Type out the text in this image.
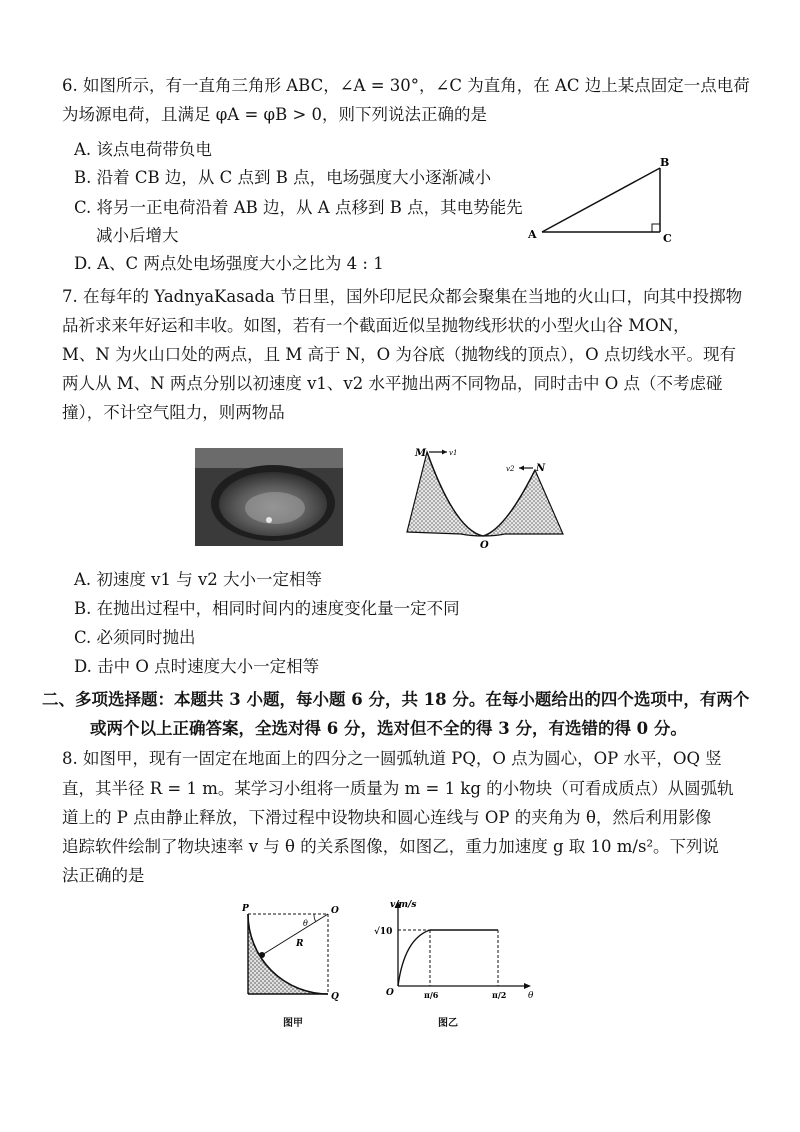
6. 如图所示，有一直角三角形 ABC，∠A = 30°，∠C 为直角，在 AC 边上某点固定一点电荷
为场源电荷，且满足 φA = φB > 0，则下列说法正确的是
A. 该点电荷带负电
B. 沿着 CB 边，从 C 点到 B 点，电场强度大小逐渐减小
C. 将另一正电荷沿着 AB 边，从 A 点移到 B 点，其电势能先
减小后增大
D. A、C 两点处电场强度大小之比为 4 : 1
A
B
C
7. 在每年的 YadnyaKasada 节日里，国外印尼民众都会聚集在当地的火山口，向其中投掷物
品祈求来年好运和丰收。如图，若有一个截面近似呈抛物线形状的小型火山谷 MON，
M、N 为火山口处的两点，且 M 高于 N，O 为谷底（抛物线的顶点），O 点切线水平。现有
两人从 M、N 两点分别以初速度 v1、v2 水平抛出两不同物品，同时击中 O 点（不考虑碰
撞），不计空气阻力，则两物品
M	v1
N
v2
O
A. 初速度 v1 与 v2 大小一定相等
B. 在抛出过程中，相同时间内的速度变化量一定不同
C. 必须同时抛出
D. 击中 O 点时速度大小一定相等
二、多项选择题：本题共 3 小题，每小题 6 分，共 18 分。在每小题给出的四个选项中，有两个
或两个以上正确答案，全选对得 6 分，选对但不全的得 3 分，有选错的得 0 分。
8. 如图甲，现有一固定在地面上的四分之一圆弧轨道 PQ，O 点为圆心，OP 水平，OQ 竖
直，其半径 R = 1 m。某学习小组将一质量为 m = 1 kg 的小物块（可看成质点）从圆弧轨
道上的 P 点由静止释放，下滑过程中设物块和圆心连线与 OP 的夹角为 θ，然后利用影像
追踪软件绘制了物块速率 v 与 θ 的关系图像，如图乙，重力加速度 g 取 10 m/s²。下列说
法正确的是
P	O
Q
R
θ
图甲
v/m/s
√10
O	π/6	π/2 θ
图乙
